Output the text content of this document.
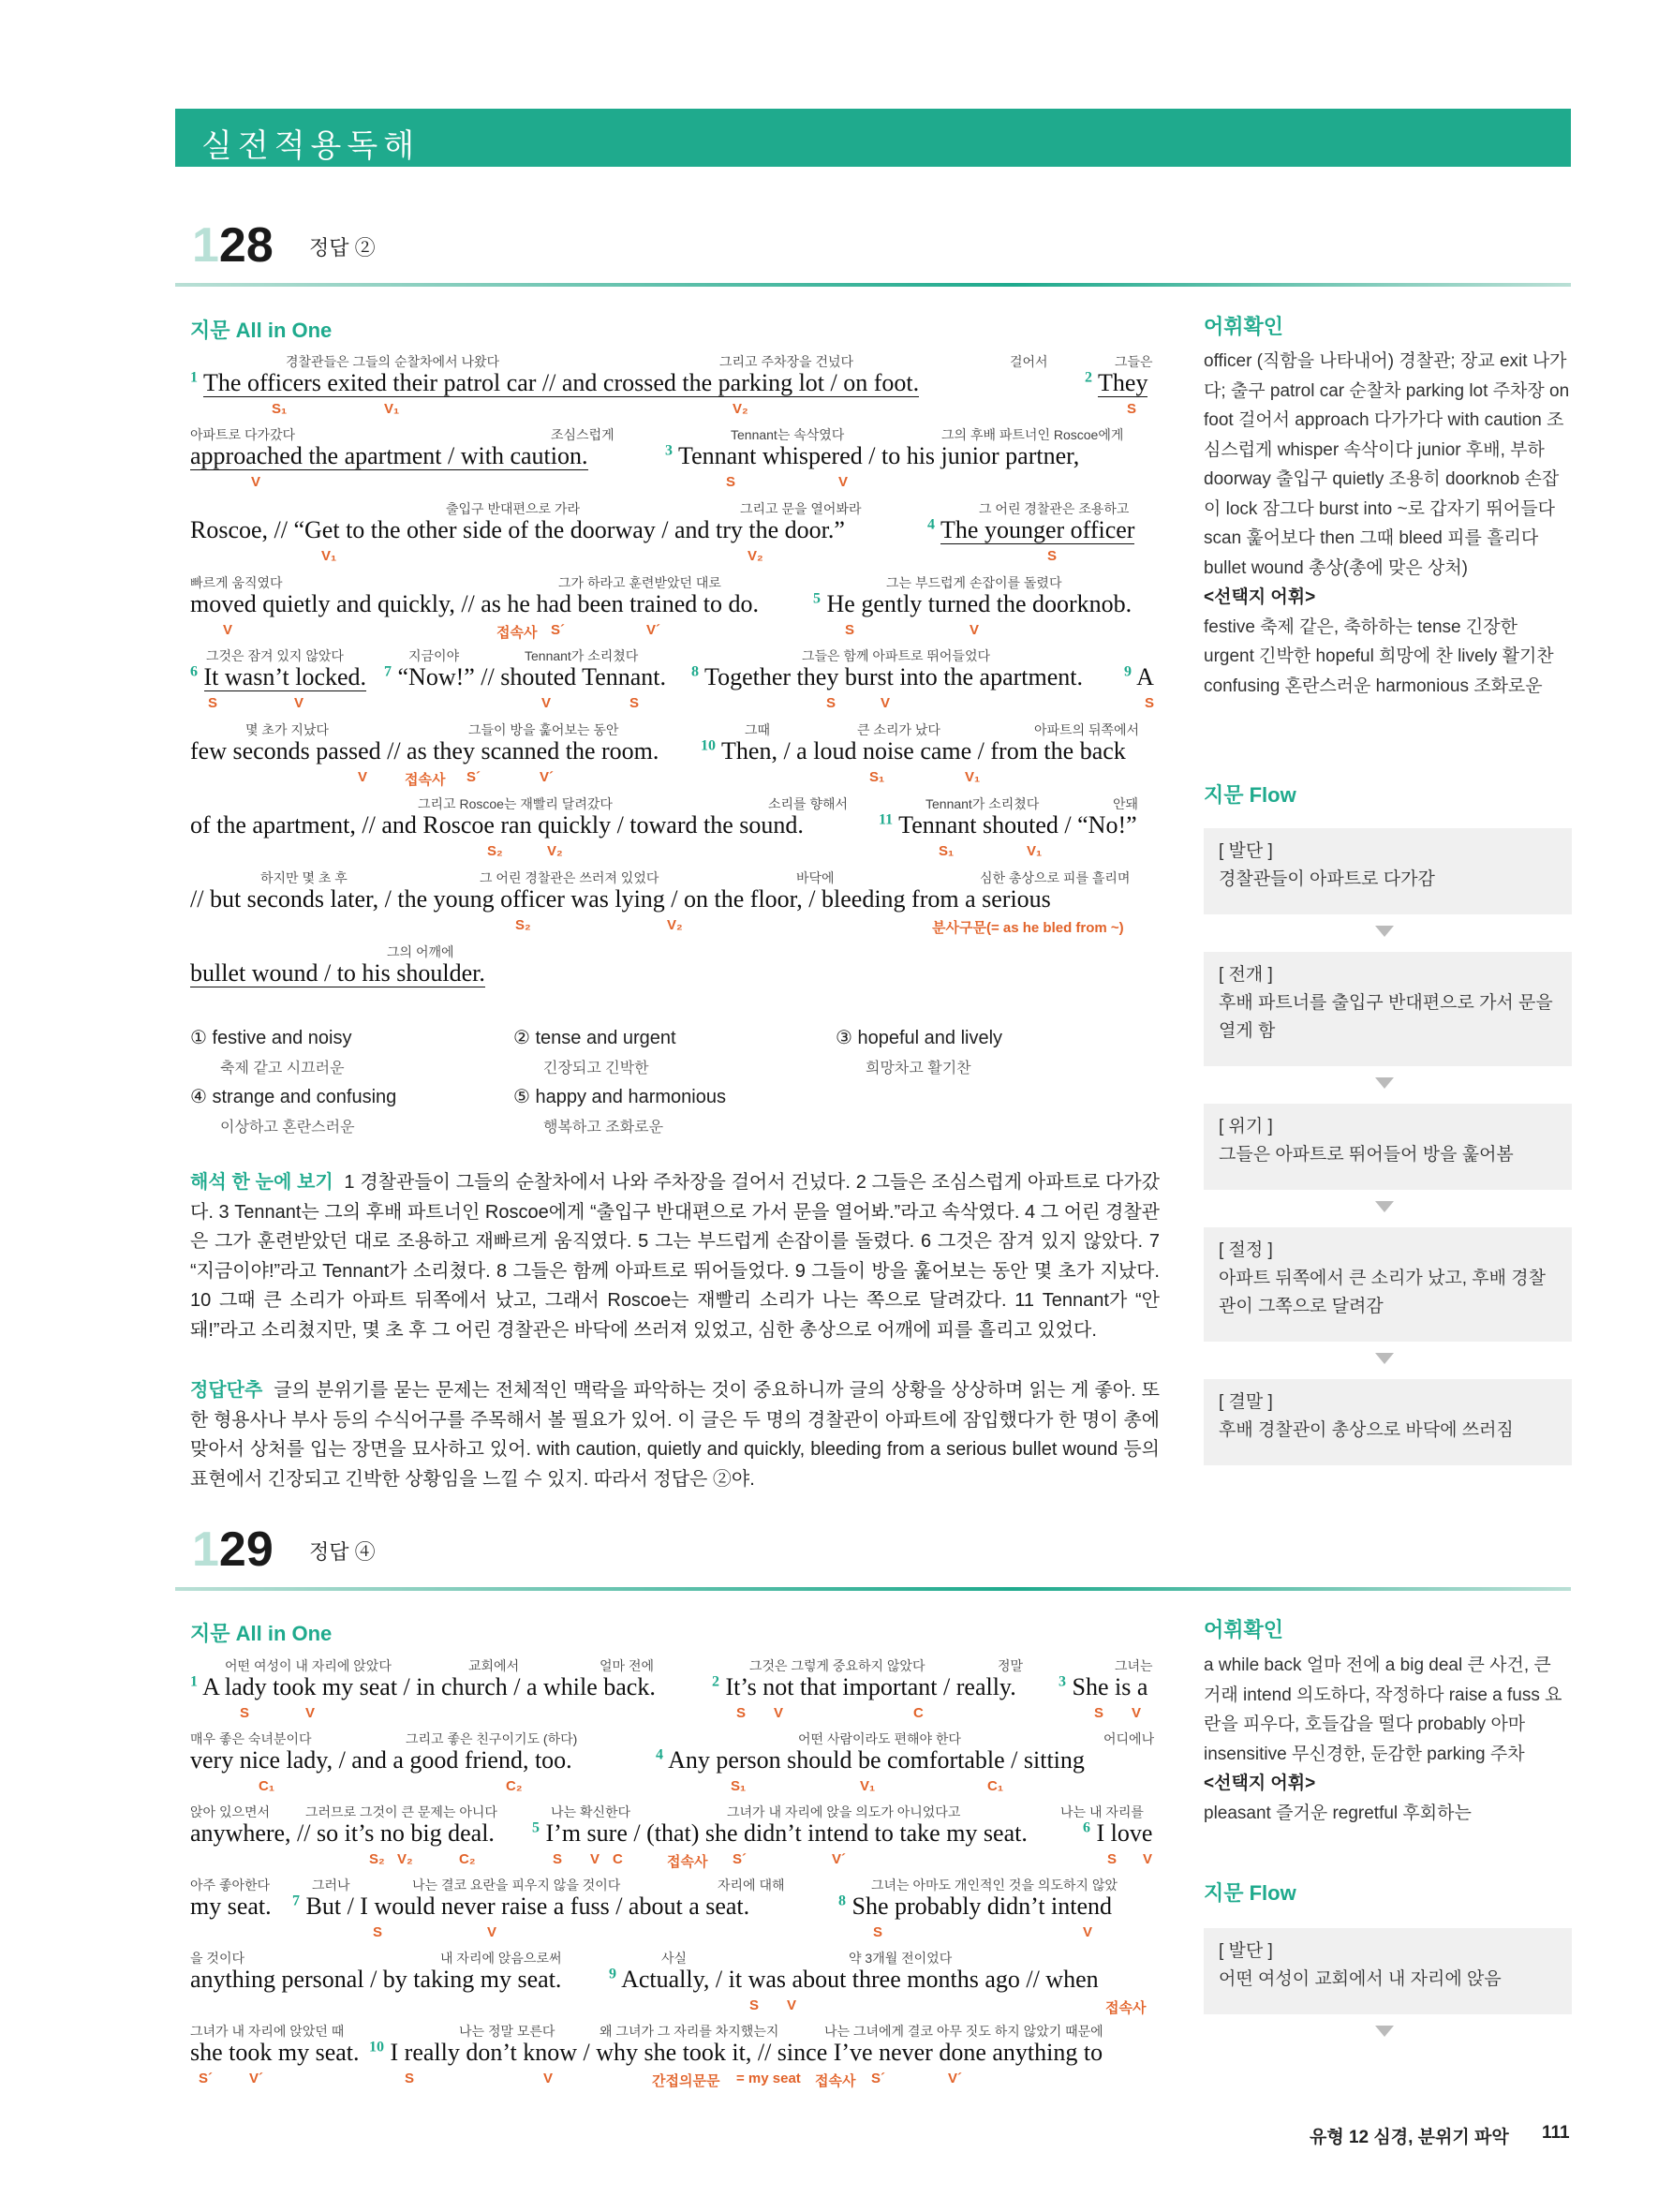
실전적용독해
128 정답 ②
지문 All in One	어휘확인
경찰관들은 그들의 순찰차에서 나왔다	그리고 주차장을 건넜다	걸어서	그들은
$^1$ The officers exited their patrol car // and crossed the parking lot / on foot.	$^2$ They
S₁	V₁	V₂	S
아파트로 다가갔다	조심스럽게	Tennant는 속삭였다	그의 후배 파트너인 Roscoe에게
approached the apartment / with caution.	$^3$ Tennant whispered / to his junior partner,
V	S	V
출입구 반대편으로 가라	그리고 문을 열어봐라	그 어린 경찰관은 조용하고
Roscoe, // “Get to the other side of the doorway / and try the door.”	$^4$ The younger officer
V₁	V₂	S
빠르게 움직였다	그가 하라고 훈련받았던 대로	그는 부드럽게 손잡이를 돌렸다
moved quietly and quickly, // as he had been trained to do.	$^5$ He gently turned the doorknob.
V	접속사 S´	V´	S	V
그것은 잠겨 있지 않았다	지금이야	Tennant가 소리쳤다	그들은 함께 아파트로 뛰어들었다
$^6$ It wasn’t locked. $^7$ “Now!” // shouted Tennant. $^8$ Together they burst into the apartment.	$^9$ A
S	V	V	S	S	V	S
몇 초가 지났다	그들이 방을 훑어보는 동안	그때	큰 소리가 났다	아파트의 뒤쪽에서
few seconds passed // as they scanned the room.	$^{10}$ Then, / a loud noise came / from the back
V	접속사 S´	V´	S₁	V₁
그리고 Roscoe는 재빨리 달려갔다	소리를 향해서	Tennant가 소리쳤다	안돼
of the apartment, // and Roscoe ran quickly / toward the sound.	$^{11}$ Tennant shouted / “No!”
S₂	V₂	S₁	V₁
하지만 몇 초 후	그 어린 경찰관은 쓰러져 있었다	바닥에	심한 총상으로 피를 흘리며
// but seconds later, / the young officer was lying / on the floor, / bleeding from a serious
S₂	V₂	분사구문(= as he bled from ~)
그의 어깨에
bullet wound / to his shoulder.
① festive and noisy
축제 같고 시끄러운
② tense and urgent
긴장되고 긴박한
③ hopeful and lively
희망차고 활기찬
④ strange and confusing
이상하고 혼란스러운
⑤ happy and harmonious
행복하고 조화로운
해석 한 눈에 보기 1 경찰관들이 그들의 순찰차에서 나와 주차장을 걸어서 건넜다. 2 그들은 조심스럽게 아파트로 다가갔다. 3 Tennant는 그의 후배 파트너인 Roscoe에게 “출입구 반대편으로 가서 문을 열어봐.”라고 속삭였다. 4 그 어린 경찰관은 그가 훈련받았던 대로 조용하고 재빠르게 움직였다. 5 그는 부드럽게 손잡이를 돌렸다. 6 그것은 잠겨 있지 않았다. 7 “지금이야!”라고 Tennant가 소리쳤다. 8 그들은 함께 아파트로 뛰어들었다. 9 그들이 방을 훑어보는 동안 몇 초가 지났다. 10 그때 큰 소리가 아파트 뒤쪽에서 났고, 그래서 Roscoe는 재빨리 소리가 나는 쪽으로 달려갔다. 11 Tennant가 “안 돼!”라고 소리쳤지만, 몇 초 후 그 어린 경찰관은 바닥에 쓰러져 있었고, 심한 총상으로 어깨에 피를 흘리고 있었다.
정답단추 글의 분위기를 묻는 문제는 전체적인 맥락을 파악하는 것이 중요하니까 글의 상황을 상상하며 읽는 게 좋아. 또한 형용사나 부사 등의 수식어구를 주목해서 볼 필요가 있어. 이 글은 두 명의 경찰관이 아파트에 잠입했다가 한 명이 총에 맞아서 상처를 입는 장면을 묘사하고 있어. with caution, quietly and quickly, bleeding from a serious bullet wound 등의 표현에서 긴장되고 긴박한 상황임을 느낄 수 있지. 따라서 정답은 ②야.
officer (직함을 나타내어) 경찰관; 장교 exit 나가다; 출구 patrol car 순찰차 parking lot 주차장 on foot 걸어서 approach 다가가다 with caution 조심스럽게 whisper 속삭이다 junior 후배, 부하 doorway 출입구 quietly 조용히 doorknob 손잡이 lock 잠그다 burst into ~로 갑자기 뛰어들다 scan 훑어보다 then 그때 bleed 피를 흘리다 bullet wound 총상(총에 맞은 상처)
<선택지 어휘>
festive 축제 같은, 축하하는 tense 긴장한 urgent 긴박한 hopeful 희망에 찬 lively 활기찬 confusing 혼란스러운 harmonious 조화로운
지문 Flow
[ 발단 ]
경찰관들이 아파트로 다가감
[ 전개 ]
후배 파트너를 출입구 반대편으로 가서 문을 열게 함
[ 위기 ]
그들은 아파트로 뛰어들어 방을 훑어봄
[ 절정 ]
아파트 뒤쪽에서 큰 소리가 났고, 후배 경찰관이 그쪽으로 달려감
[ 결말 ]
후배 경찰관이 총상으로 바닥에 쓰러짐
129 정답 ④
지문 All in One	어휘확인
어떤 여성이 내 자리에 앉았다	교회에서	얼마 전에	그것은 그렇게 중요하지 않았다	정말	그녀는
$^1$ A lady took my seat / in church / a while back.	$^2$ It’s not that important / really.	$^3$ She is a
S	V	S V	C	S V
매우 좋은 숙녀분이다	그리고 좋은 친구이기도 (하다)	어떤 사람이라도 편해야 한다	어디에나
very nice lady, / and a good friend, too.	$^4$ Any person should be comfortable / sitting
C₁	C₂	S₁	V₁	C₁
앉아 있으면서	그러므로 그것이 큰 문제는 아니다	나는 확신한다	그녀가 내 자리에 앉을 의도가 아니었다고	나는 내 자리를
anywhere, // so it’s no big deal.	$^5$ I’m sure / (that) she didn’t intend to take my seat.	$^6$ I love
S₂ V₂	C₂	S V C	접속사 S´	V´	S V
아주 좋아한다	그러나	나는 결코 요란을 피우지 않을 것이다	자리에 대해	그녀는 아마도 개인적인 것을 의도하지 않았
my seat. $^7$ But / I would never raise a fuss / about a seat.	$^8$ She probably didn’t intend
S	V	S	V
을 것이다	내 자리에 앉음으로써	사실	약 3개월 전이었다
anything personal / by taking my seat.	$^9$ Actually, / it was about three months ago // when
S V	접속사
그녀가 내 자리에 앉았던 때	나는 정말 모른다	왜 그녀가 그 자리를 차지했는지	나는 그녀에게 결코 아무 짓도 하지 않았기 때문에
she took my seat. $^{10}$ I really don’t know / why she took it, // since I’ve never done anything to
S´	V´	S	V	간접의문문 = my seat 접속사 S´	V´
a while back 얼마 전에 a big deal 큰 사건, 큰 거래 intend 의도하다, 작정하다 raise a fuss 요란을 피우다, 호들갑을 떨다 probably 아마 insensitive 무신경한, 둔감한 parking 주차
<선택지 어휘>
pleasant 즐거운 regretful 후회하는
지문 Flow
[ 발단 ]
어떤 여성이 교회에서 내 자리에 앉음
유형 12 심경, 분위기 파악 111
